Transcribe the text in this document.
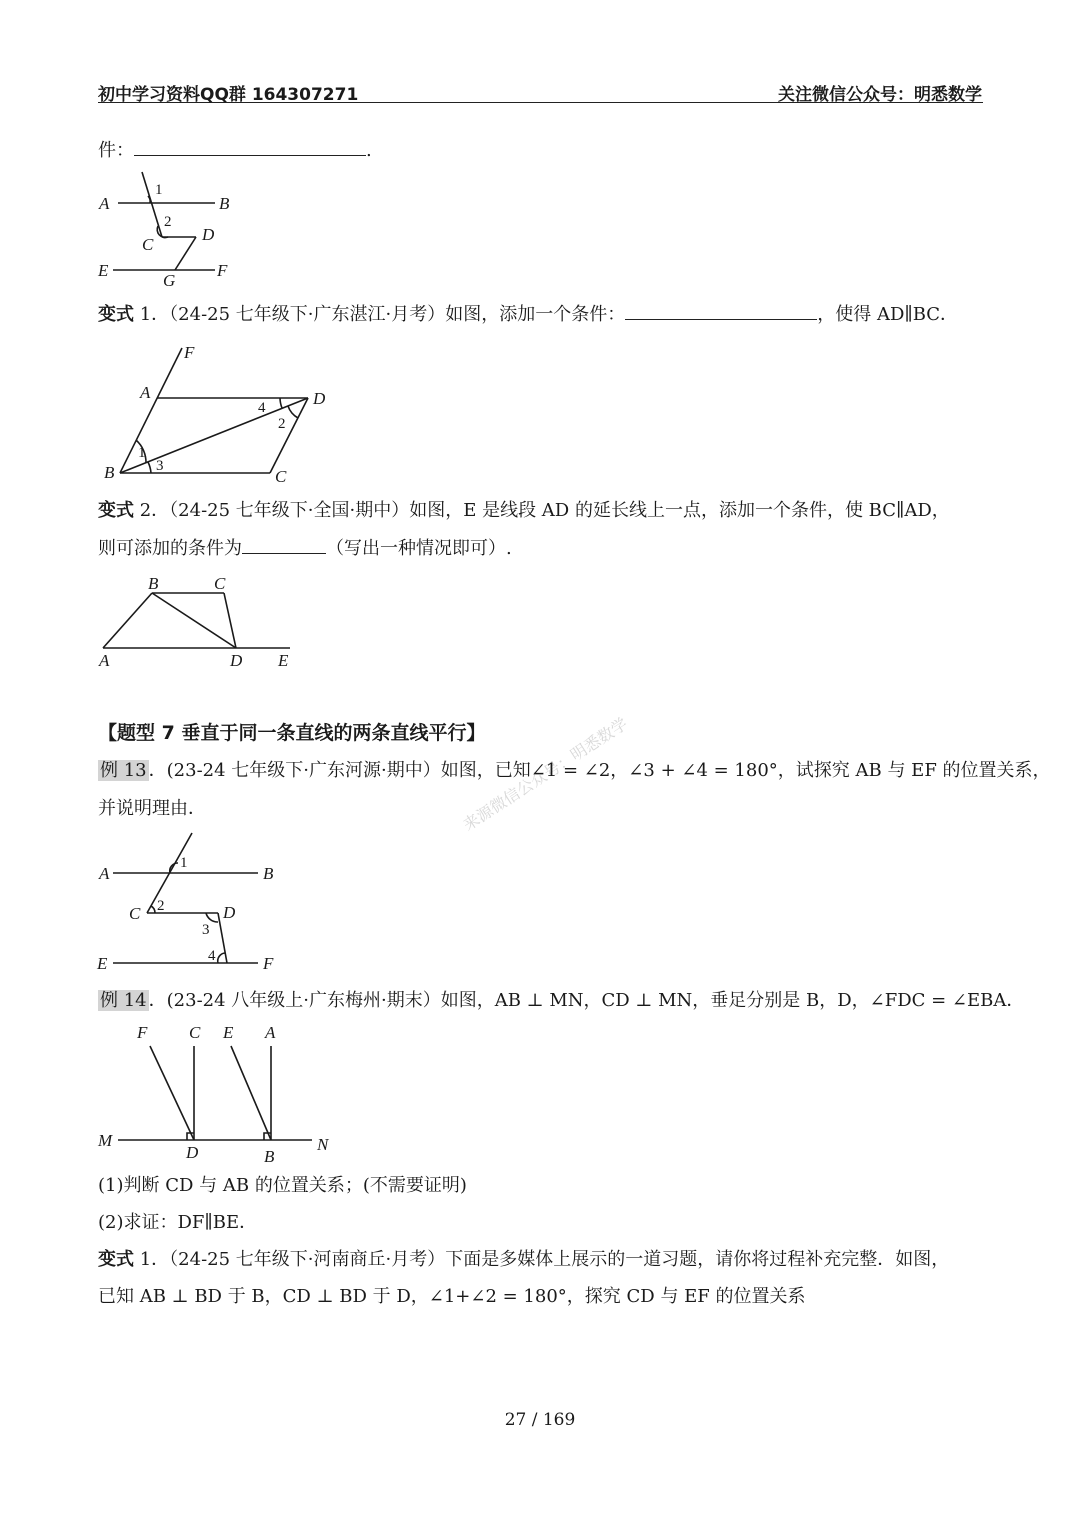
初中学习资料QQ群 164307271	关注微信公众号：明悉数学
件：	.
A	B
1
2
C
D
E
G
F
变式 1．（24-25 七年级下·广东湛江·月考）如图，添加一个条件：	，使得 AD∥BC．
F
A	D
4
2
1
3
B	C
变式 2．（24-25 七年级下·全国·期中）如图，E 是线段 AD 的延长线上一点，添加一个条件，使 BC∥AD，
则可添加的条件为	（写出一种情况即可）.
B	C
A	D E
【题型 7 垂直于同一条直线的两条直线平行】
来源微信公众号：明悉数学
例 13 ．(23-24 七年级下·广东河源·期中）如图，已知∠1 = ∠2，∠3 + ∠4 = 180°，试探究 AB 与 EF 的位置关系，
并说明理由．
A
1
B
C 2	D
3
E	4	F
例 14 ．(23-24 八年级上·广东梅州·期末）如图，AB ⊥ MN，CD ⊥ MN，垂足分别是 B，D，∠FDC = ∠EBA．
F C E A
M	N
D	B
(1)判断 CD 与 AB 的位置关系；(不需要证明)
(2)求证：DF∥BE．
变式 1．（24-25 七年级下·河南商丘·月考）下面是多媒体上展示的一道习题，请你将过程补充完整．如图，
已知 AB ⊥ BD 于 B，CD ⊥ BD 于 D，∠1+∠2 = 180°，探究 CD 与 EF 的位置关系
27 / 169
